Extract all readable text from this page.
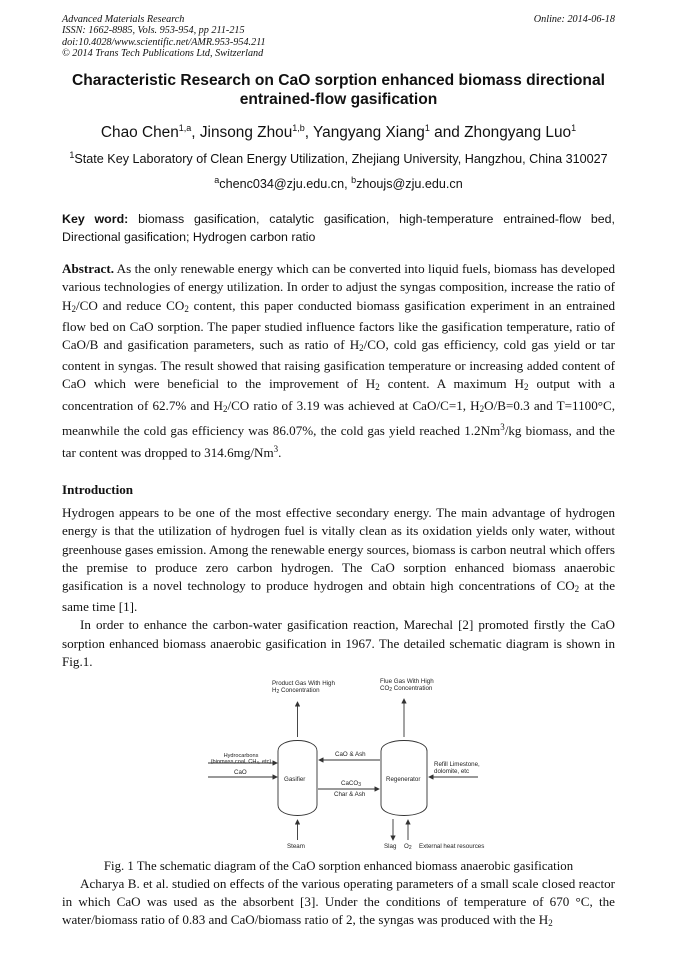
Advanced Materials Research
ISSN: 1662-8985, Vols. 953-954, pp 211-215
doi:10.4028/www.scientific.net/AMR.953-954.211
© 2014 Trans Tech Publications Ltd, Switzerland
Online: 2014-06-18
Characteristic Research on CaO sorption enhanced biomass directional entrained-flow gasification
Chao Chen$^{1,a}$, Jinsong Zhou$^{1,b}$, Yangyang Xiang$^1$ and Zhongyang Luo$^1$
$^1$State Key Laboratory of Clean Energy Utilization, Zhejiang University, Hangzhou, China 310027
$^a$chenc034@zju.edu.cn, $^b$zhoujs@zju.edu.cn
Key word: biomass gasification, catalytic gasification, high-temperature entrained-flow bed, Directional gasification; Hydrogen carbon ratio

Abstract. As the only renewable energy which can be converted into liquid fuels, biomass has developed various technologies of energy utilization. In order to adjust the syngas composition, increase the ratio of $H_2/CO$ and reduce $CO_2$ content, this paper conducted biomass gasification experiment in an entrained flow bed on CaO sorption. The paper studied influence factors like the gasification temperature, ratio of CaO/B and gasification parameters, such as ratio of $H_2/CO$, cold gas efficiency, cold gas yield or tar content in syngas. The result showed that raising gasification temperature or increasing added content of CaO which were beneficial to the improvement of $H_2$ content. A maximum $H_2$ output with a concentration of 62.7% and $H_2/CO$ ratio of 3.19 was achieved at CaO/C=1, $H_2O/B=0.3$ and T=1100°C, meanwhile the cold gas efficiency was 86.07%, the cold gas yield reached 1.2Nm$^3$/kg biomass, and the tar content was dropped to 314.6mg/Nm$^3$.

Introduction

Hydrogen appears to be one of the most effective secondary energy. The main advantage of hydrogen energy is that the utilization of hydrogen fuel is vitally clean as its oxidation yields only water, without greenhouse gases emission. Among the renewable energy sources, biomass is carbon neutral which offers the premise to produce zero carbon hydrogen. The CaO sorption enhanced biomass anaerobic gasification is a novel technology to produce hydrogen and obtain high concentrations of $CO_2$ at the same time [1].

In order to enhance the carbon-water gasification reaction, Marechal [2] promoted firstly the CaO sorption enhanced biomass anaerobic gasification in 1967. The detailed schematic diagram is shown in Fig.1.

Product Gas With High
$H_2$ Concentration
Flue Gas With High
$CO_2$ Concentration
Hydrocarbons
(biomass,coal, $CH_4$, etc)
CaO
Gasifier	Regenerator
CaO & Ash
CaCO$_3$
Char & Ash
Refill Limestone,
dolomite, etc
Steam	Slag $O_2$ External heat resources
Fig. 1 The schematic diagram of the CaO sorption enhanced biomass anaerobic gasification

Acharya B. et al. studied on effects of the various operating parameters of a small scale closed reactor in which CaO was used as the absorbent [3]. Under the conditions of temperature of 670 °C, the water/biomass ratio of 0.83 and CaO/biomass ratio of 2, the syngas was produced with the $H_2$
